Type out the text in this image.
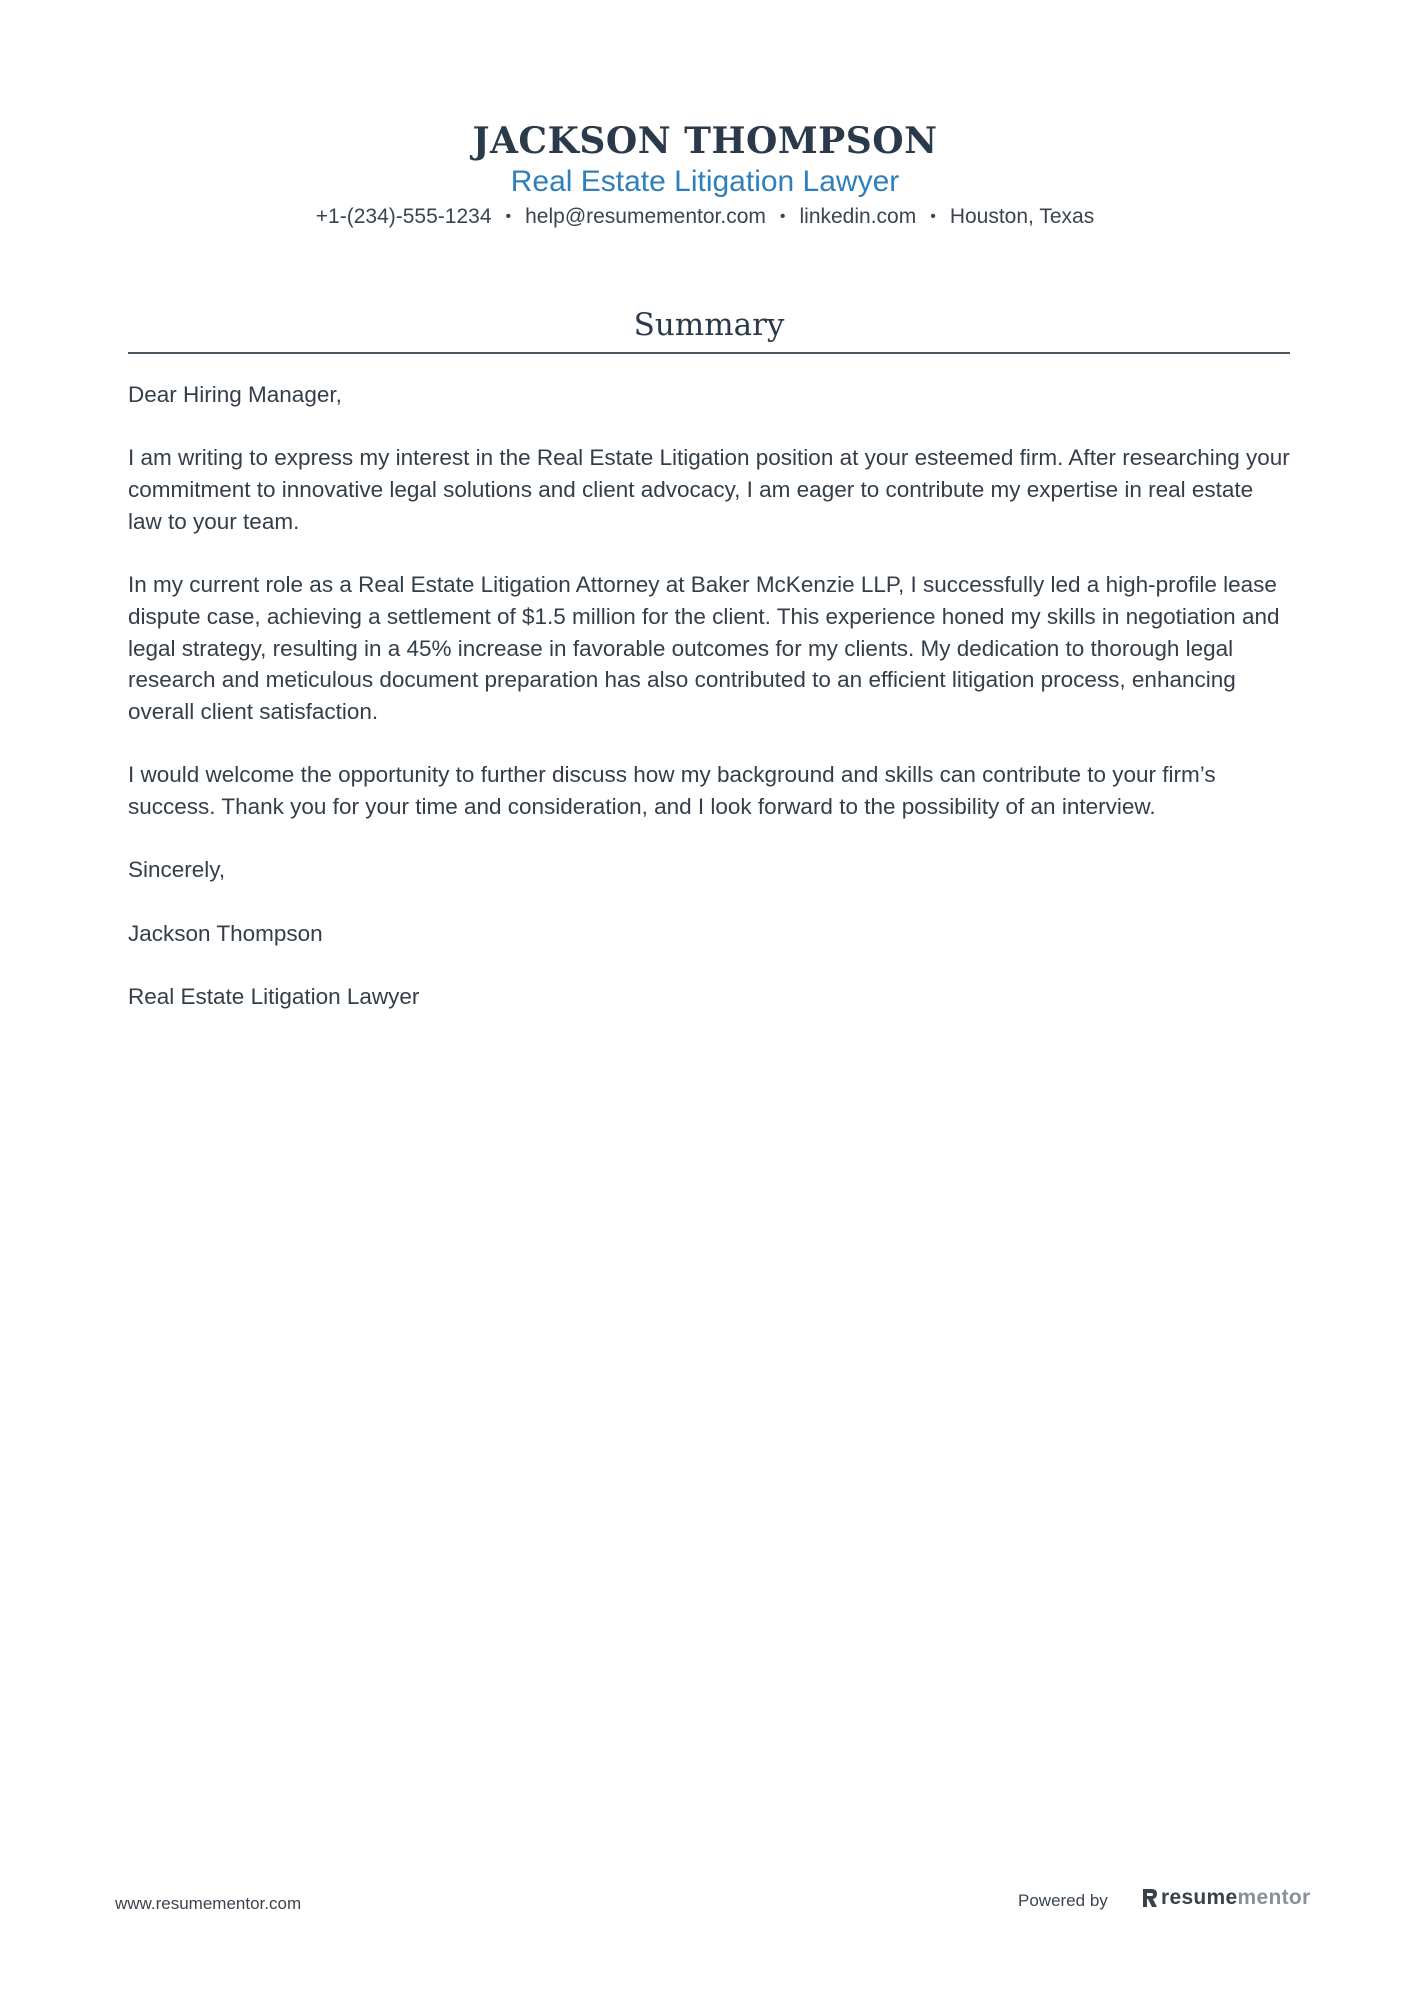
JACKSON THOMPSON
Real Estate Litigation Lawyer
+1-(234)-555-1234 • help@resumementor.com • linkedin.com • Houston, Texas
Summary

Dear Hiring Manager,

I am writing to express my interest in the Real Estate Litigation position at your esteemed firm. After researching your commitment to innovative legal solutions and client advocacy, I am eager to contribute my expertise in real estate law to your team.

In my current role as a Real Estate Litigation Attorney at Baker McKenzie LLP, I successfully led a high-profile lease dispute case, achieving a settlement of $1.5 million for the client. This experience honed my skills in negotiation and legal strategy, resulting in a 45% increase in favorable outcomes for my clients. My dedication to thorough legal research and meticulous document preparation has also contributed to an efficient litigation process, enhancing overall client satisfaction.

I would welcome the opportunity to further discuss how my background and skills can contribute to your firm’s success. Thank you for your time and consideration, and I look forward to the possibility of an interview.

Sincerely,

Jackson Thompson

Real Estate Litigation Lawyer

www.resumementor.com	Powered by	resumementor
